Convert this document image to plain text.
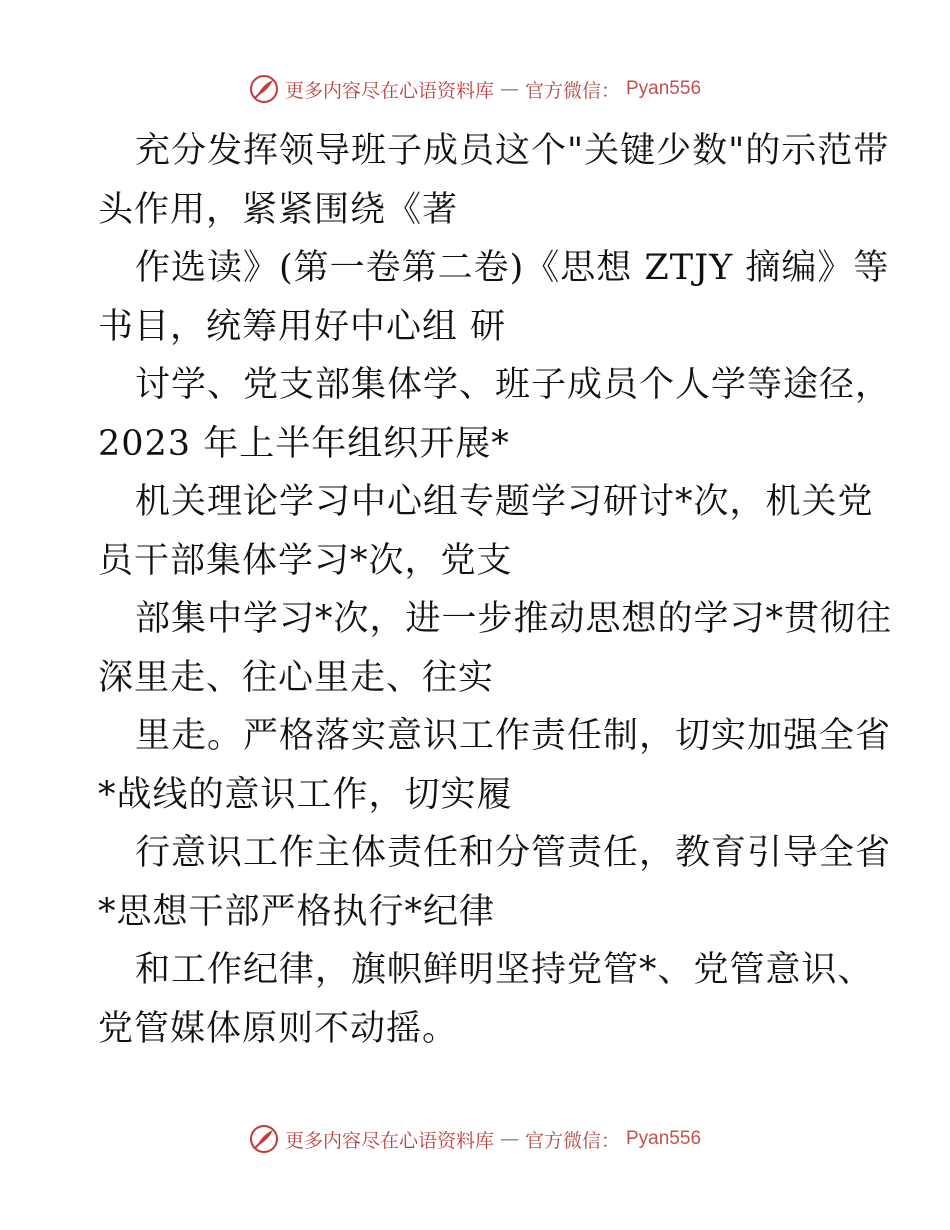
更多内容尽在心语资料库 — 官方微信： Pyan556

充分发挥领导班子成员这个"关键少数"的示范带

头作用，紧紧围绕《著

作选读》(第一卷第二卷)《思想 ZTJY 摘编》等

书目，统筹用好中心组 研

讨学、党支部集体学、班子成员个人学等途径，

2023 年上半年组织开展*

机关理论学习中心组专题学习研讨*次，机关党

员干部集体学习*次，党支

部集中学习*次，进一步推动思想的学习*贯彻往

深里走、往心里走、往实

里走。严格落实意识工作责任制，切实加强全省

*战线的意识工作，切实履

行意识工作主体责任和分管责任，教育引导全省

*思想干部严格执行*纪律

和工作纪律，旗帜鲜明坚持党管*、党管意识、

党管媒体原则不动摇。

更多内容尽在心语资料库 — 官方微信： Pyan556
